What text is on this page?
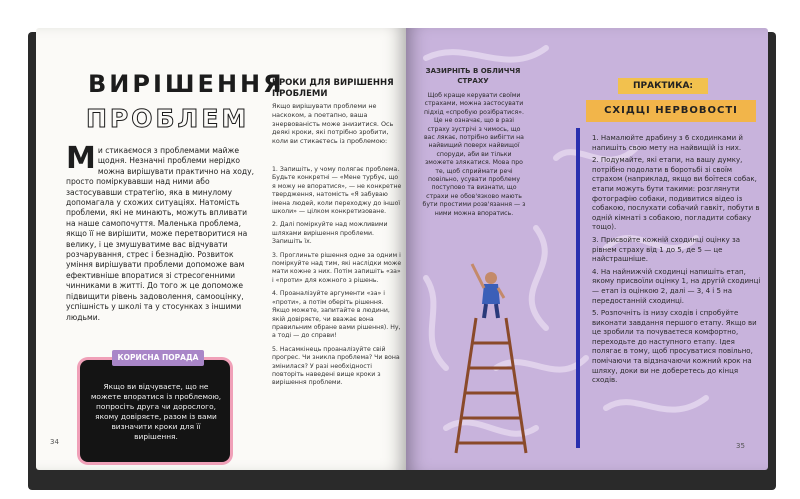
ВИРІШЕННЯ
ПРОБЛЕМ
М и стикаємося з проблемами майже щодня. Незначні проблеми нерідко можна вирішувати практично на ходу, просто поміркувавши над ними або застосувавши стратегію, яка в минулому допомагала у схожих ситуаціях. Натомість проблеми, які не минають, можуть впливати на наше самопочуття. Маленька проблема, якщо її не вирішити, може перетворитися на велику, і це змушуватиме вас відчувати розчарування, стрес і безнадію. Розвиток уміння вирішувати проблеми допоможе вам ефективніше впоратися зі стресогенними чинниками в житті. До того ж це допоможе підвищити рівень задоволення, самооцінку, успішність у школі та у стосунках з іншими людьми.
КОРИСНА ПОРАДА
Якщо ви відчуваєте, що не можете впоратися із проблемою, попросіть друга чи дорослого, якому довіряєте, разом із вами визначити кроки для її вирішення.
КРОКИ ДЛЯ ВИРІШЕННЯ ПРОБЛЕМИ
Якщо вирішувати проблеми не наскоком, а поетапно, ваша знервованість може знизитися. Ось деякі кроки, які потрібно зробити, коли ви стикаєтесь із проблемою:

1. Запишіть, у чому полягає проблема. Будьте конкретні — «Мене турбує, що я можу не впоратися», — не конкретне твердження, натомість «Я забуваю імена людей, коли переходжу до іншої школи» — цілком конкретизоване.

2. Далі поміркуйте над можливими шляхами вирішення проблеми. Запишіть їх.

3. Проглиньте рішення одне за одним і поміркуйте над тим, які наслідки може мати кожне з них. Потім запишіть «за» і «проти» для кожного з рішень.

4. Проаналізуйте аргументи «за» і «проти», а потім оберіть рішення. Якщо можете, запитайте в людини, якій довіряєте, чи вважає вона правильним обране вами рішення). Ну, а тоді — до справи!

5. Насамкінець проаналізуйте свій прогрес. Чи зникла проблема? Чи вона змінилася? У разі необхідності повторіть наведені вище кроки з вирішення проблеми.

34
ЗАЗИРНІТЬ В ОБЛИЧЧЯ СТРАХУ
Щоб краще керувати своїми страхами, можна застосувати підхід «спробую розібратися». Це не означає, що в разі страху зустрічі з чимось, що вас лякає, потрібно вибігти на найвищий поверх найвищої споруди, аби ви тільки зможете злякатися. Мова про те, щоб сприймати речі повільно, усувати проблему поступово та визнати, що страхи не обов'язково мають бути простими розв'язання — з ними можна впоратись.
ПРАКТИКА:
СХІДЦІ НЕРВОВОСТІ

1. Намалюйте драбину з 6 сходинками й напишіть свою мету на найвищій із них.

2. Подумайте, які етапи, на вашу думку, потрібно подолати в боротьбі зі своїм страхом (наприклад, якщо ви боїтеся собак, етапи можуть бути такими: розглянути фотографію собаки, подивитися відео із собакою, послухати собачий гавкіт, побути в одній кімнаті з собакою, погладити собаку тощо).

3. Присвойте кожній сходинці оцінку за рівнем страху від 1 до 5, де 5 — це найстрашніше.

4. На найнижчій сходинці напишіть етап, якому присвоїли оцінку 1, на другій сходинці — етап із оцінкою 2, далі — 3, 4 і 5 на передостанній сходинці.

5. Розпочніть із низу сходів і спробуйте виконати завдання першого етапу. Якщо ви це зробили та почуваєтеся комфортно, переходьте до наступного етапу. Ідея полягає в тому, щоб просуватися повільно, помічаючи та відзначаючи кожний крок на шляху, доки ви не доберетесь до кінця сходів.

35
